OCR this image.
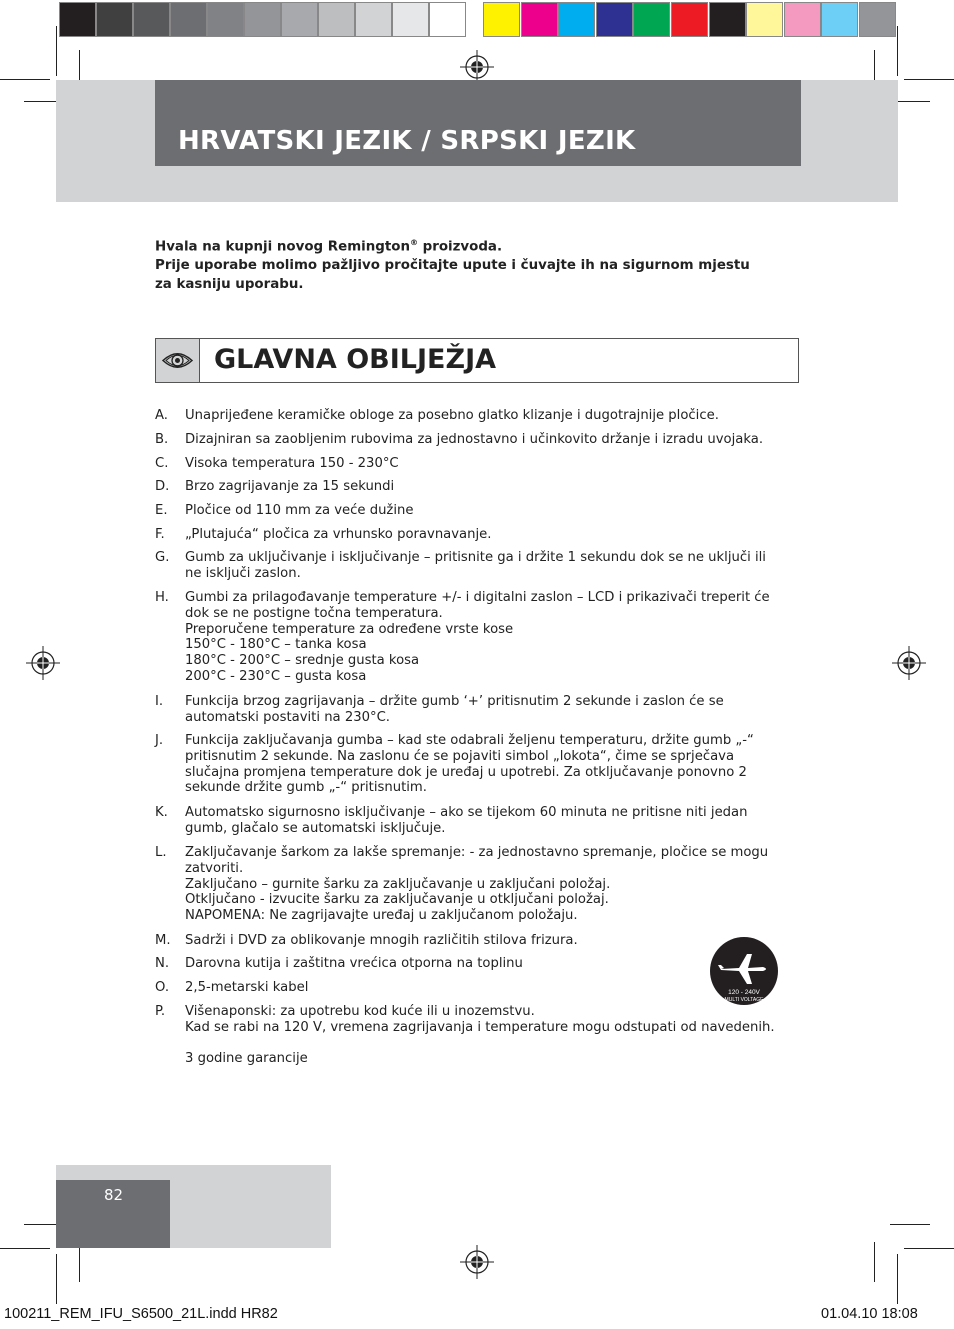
HRVATSKI JEZIK / SRPSKI JEZIK
Hvala na kupnji novog Remington® proizvoda.
Prije uporabe molimo pažljivo pročitajte upute i čuvajte ih na sigurnom mjestu
za kasniju uporabu.
GLAVNA OBILJEŽJA
A. Unaprijeđene keramičke obloge za posebno glatko klizanje i dugotrajnije pločice.
B. Dizajniran sa zaobljenim rubovima za jednostavno i učinkovito držanje i izradu uvojaka.
C. Visoka temperatura 150 - 230°C
D. Brzo zagrijavanje za 15 sekundi
E. Pločice od 110 mm za veće dužine
F. „Plutajuća“ pločica za vrhunsko poravnavanje.
G. Gumb za uključivanje i isključivanje – pritisnite ga i držite 1 sekundu dok se ne uključi ili
ne isključi zaslon.
H. Gumbi za prilagođavanje temperature +/- i digitalni zaslon – LCD i prikazivači treperit će
dok se ne postigne točna temperatura.
Preporučene temperature za određene vrste kose
150°C - 180°C – tanka kosa
180°C - 200°C – srednje gusta kosa
200°C - 230°C – gusta kosa
I. Funkcija brzog zagrijavanja – držite gumb ‘+’ pritisnutim 2 sekunde i zaslon će se
automatski postaviti na 230°C.
J. Funkcija zaključavanja gumba – kad ste odabrali željenu temperaturu, držite gumb „-“
pritisnutim 2 sekunde. Na zaslonu će se pojaviti simbol „lokota“, čime se sprječava
slučajna promjena temperature dok je uređaj u upotrebi. Za otključavanje ponovno 2
sekunde držite gumb „-“ pritisnutim.
K. Automatsko sigurnosno isključivanje – ako se tijekom 60 minuta ne pritisne niti jedan
gumb, glačalo se automatski isključuje.
L. Zaključavanje šarkom za lakše spremanje: - za jednostavno spremanje, pločice se mogu
zatvoriti.
Zaključano – gurnite šarku za zaključavanje u zaključani položaj.
Otključano - izvucite šarku za zaključavanje u otključani položaj.
NAPOMENA: Ne zagrijavajte uređaj u zaključanom položaju.
M. Sadrži i DVD za oblikovanje mnogih različitih stilova frizura.
N. Darovna kutija i zaštitna vrećica otporna na toplinu
O. 2,5-metarski kabel
P. Višenaponski: za upotrebu kod kuće ili u inozemstvu.
Kad se rabi na 120 V, vremena zagrijavanja i temperature mogu odstupati od navedenih.

3 godine garancije
120 - 240V
MULTI VOLTAGE
82
100211_REM_IFU_S6500_21L.indd HR82	01.04.10 18:08
